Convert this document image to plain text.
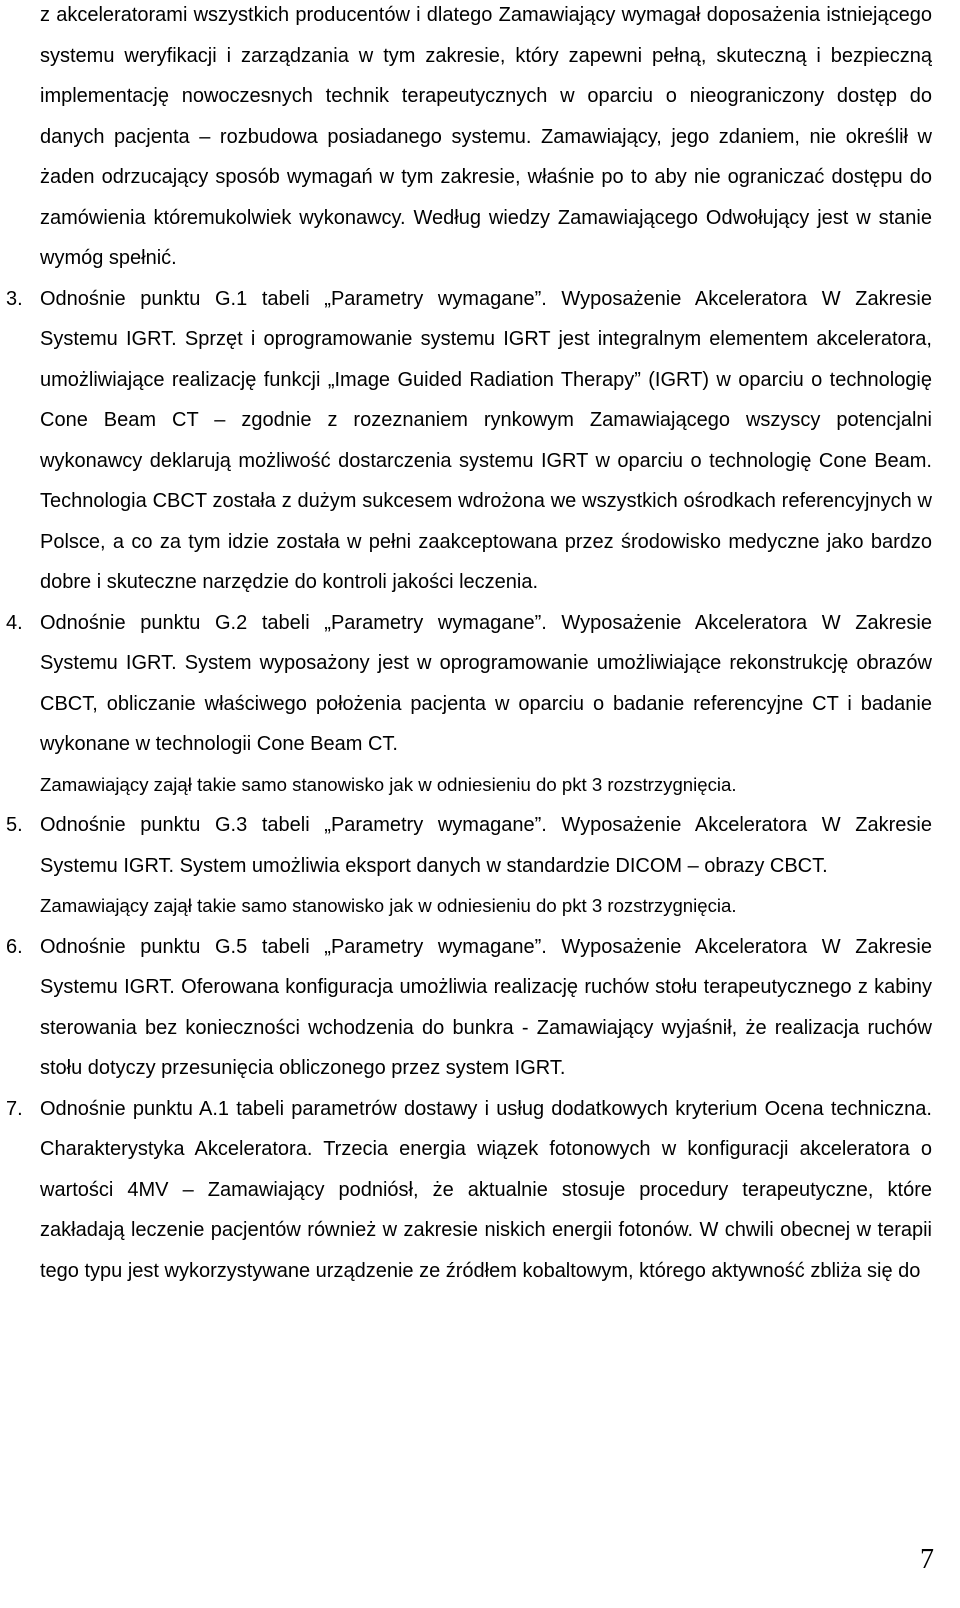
z akceleratorami wszystkich producentów i dlatego Zamawiający wymagał doposażenia istniejącego systemu weryfikacji i zarządzania w tym zakresie, który zapewni pełną, skuteczną i bezpieczną implementację nowoczesnych technik terapeutycznych w oparciu o nieograniczony dostęp do danych pacjenta – rozbudowa posiadanego systemu. Zamawiający, jego zdaniem, nie określił w żaden odrzucający sposób wymagań w tym zakresie, właśnie po to aby nie ograniczać dostępu do zamówienia któremukolwiek wykonawcy. Według wiedzy Zamawiającego Odwołujący jest w stanie wymóg spełnić.

3. Odnośnie punktu G.1 tabeli „Parametry wymagane”. Wyposażenie Akceleratora W Zakresie Systemu IGRT. Sprzęt i oprogramowanie systemu IGRT jest integralnym elementem akceleratora, umożliwiające realizację funkcji „Image Guided Radiation Therapy” (IGRT) w oparciu o technologię Cone Beam CT – zgodnie z rozeznaniem rynkowym Zamawiającego wszyscy potencjalni wykonawcy deklarują możliwość dostarczenia systemu IGRT w oparciu o technologię Cone Beam. Technologia CBCT została z dużym sukcesem wdrożona we wszystkich ośrodkach referencyjnych w Polsce, a co za tym idzie została w pełni zaakceptowana przez środowisko medyczne jako bardzo dobre i skuteczne narzędzie do kontroli jakości leczenia.
4. Odnośnie punktu G.2 tabeli „Parametry wymagane”. Wyposażenie Akceleratora W Zakresie Systemu IGRT. System wyposażony jest w oprogramowanie umożliwiające rekonstrukcję obrazów CBCT, obliczanie właściwego położenia pacjenta w oparciu o badanie referencyjne CT i badanie wykonane w technologii Cone Beam CT.

Zamawiający zajął takie samo stanowisko jak w odniesieniu do pkt 3 rozstrzygnięcia.

5. Odnośnie punktu G.3 tabeli „Parametry wymagane”. Wyposażenie Akceleratora W Zakresie Systemu IGRT. System umożliwia eksport danych w standardzie DICOM – obrazy CBCT.

Zamawiający zajął takie samo stanowisko jak w odniesieniu do pkt 3 rozstrzygnięcia.

6. Odnośnie punktu G.5 tabeli „Parametry wymagane”. Wyposażenie Akceleratora W Zakresie Systemu IGRT. Oferowana konfiguracja umożliwia realizację ruchów stołu terapeutycznego z kabiny sterowania bez konieczności wchodzenia do bunkra - Zamawiający wyjaśnił, że realizacja ruchów stołu dotyczy przesunięcia obliczonego przez system IGRT.
7. Odnośnie punktu A.1 tabeli parametrów dostawy i usług dodatkowych kryterium Ocena techniczna. Charakterystyka Akceleratora. Trzecia energia wiązek fotonowych w konfiguracji akceleratora o wartości 4MV – Zamawiający podniósł, że aktualnie stosuje procedury terapeutyczne, które zakładają leczenie pacjentów również w zakresie niskich energii fotonów. W chwili obecnej w terapii tego typu jest wykorzystywane urządzenie ze źródłem kobaltowym, którego aktywność zbliża się do
7
